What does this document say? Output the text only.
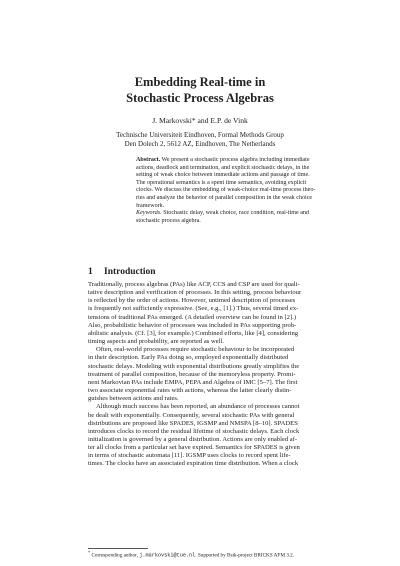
Embedding Real-time in
Stochastic Process Algebras
J. Markovski* and E.P. de Vink
Technische Universiteit Eindhoven, Formal Methods Group
Den Dolech 2, 5612 AZ, Eindhoven, The Netherlands
Abstract. We present a stochastic process algebra including immediate
actions, deadlock and termination, and explicit stochastic delays, in the
setting of weak choice between immediate actions and passage of time.
The operational semantics is a spent time semantics, avoiding explicit
clocks. We discuss the embedding of weak-choice real-time process theo-
ries and analyze the behavior of parallel composition in the weak choice
framework.
Keywords. Stochastic delay, weak choice, race condition, real-time and
stochastic process algebra.
1 Introduction
Traditionally, process algebras (PAs) like ACP, CCS and CSP are used for quali-
tative description and verification of processes. In this setting, process behaviour
is reflected by the order of actions. However, untimed description of processes
is frequently not sufficiently expressive. (See, e.g., [1].) Thus, several timed ex-
tensions of traditional PAs emerged. (A detailed overview can be found in [2].)
Also, probabilistic behavior of processes was included in PAs supporting prob-
abilistic analysis. (Cf. [3], for example.) Combined efforts, like [4], considering
timing aspects and probability, are reported as well.
Often, real-world processes require stochastic behaviour to be incorporated
in their description. Early PAs doing so, employed exponentially distributed
stochastic delays. Modeling with exponential distributions greatly simplifies the
treatment of parallel composition, because of the memoryless property. Promi-
nent Markovian PAs include EMPA, PEPA and Algebra of IMC [5–7]. The first
two associate exponential rates with actions, whereas the latter clearly distin-
guishes between actions and rates.
Although much success has been reported, an abundance of processes cannot
be dealt with exponentially. Consequently, several stochastic PAs with general
distributions are proposed like SPADES, IGSMP and NMSPA [8–10]. SPADES
introduces clocks to record the residual lifetime of stochastic delays. Each clock
initialization is governed by a general distribution. Actions are only enabled af-
ter all clocks from a particular set have expired. Semantics for SPADES is given
in terms of stochastic automata [11]. IGSMP uses clocks to record spent life-
times. The clocks have an associated expiration time distribution. When a clock
* Corresponding author, j.markovski@tue.nl. Supported by Bsik-project BRICKS AFM 3.2.
